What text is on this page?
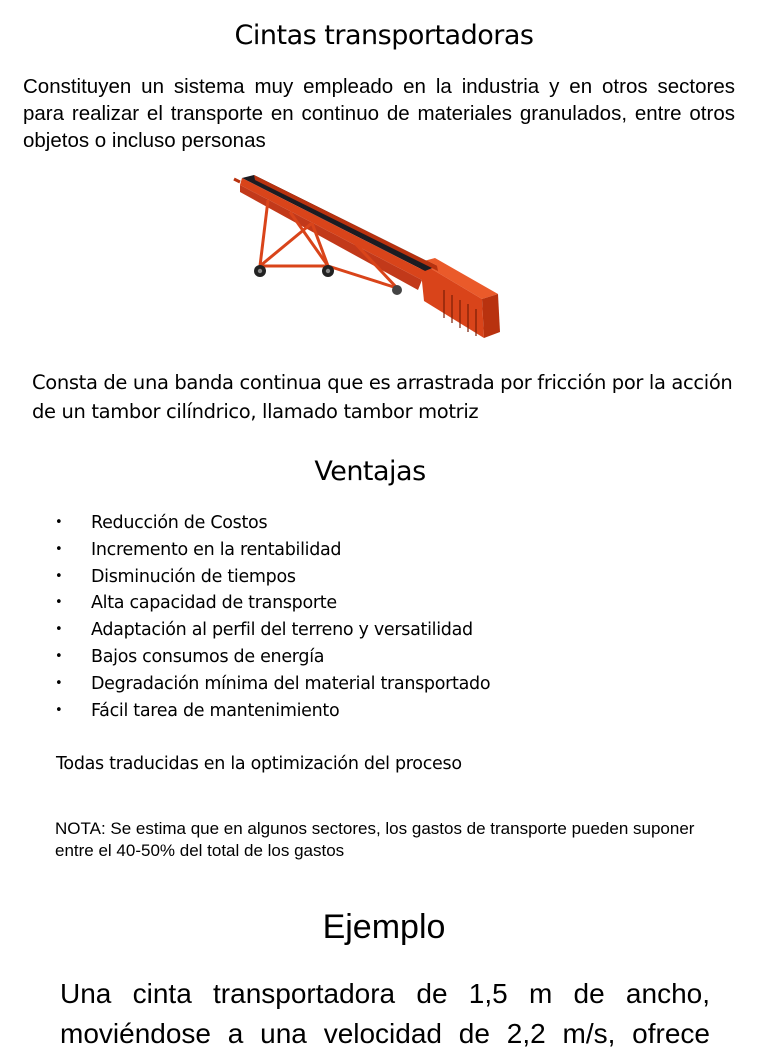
Cintas transportadoras
Constituyen un sistema muy empleado en la industria y en otros sectores para realizar el transporte en continuo de materiales granulados, entre otros objetos o incluso personas
Consta de una banda continua que es arrastrada por fricción por la acción de un tambor cilíndrico, llamado tambor motriz
Ventajas
• Reducción de Costos
• Incremento en la rentabilidad
• Disminución de tiempos
• Alta capacidad de transporte
• Adaptación al perfil del terreno y versatilidad
• Bajos consumos de energía
• Degradación mínima del material transportado
• Fácil tarea de mantenimiento
Todas traducidas en la optimización del proceso
NOTA: Se estima que en algunos sectores, los gastos de transporte pueden suponer entre el 40-50% del total de los gastos
Ejemplo
Una cinta transportadora de 1,5 m de ancho, moviéndose a una velocidad de 2,2 m/s, ofrece
